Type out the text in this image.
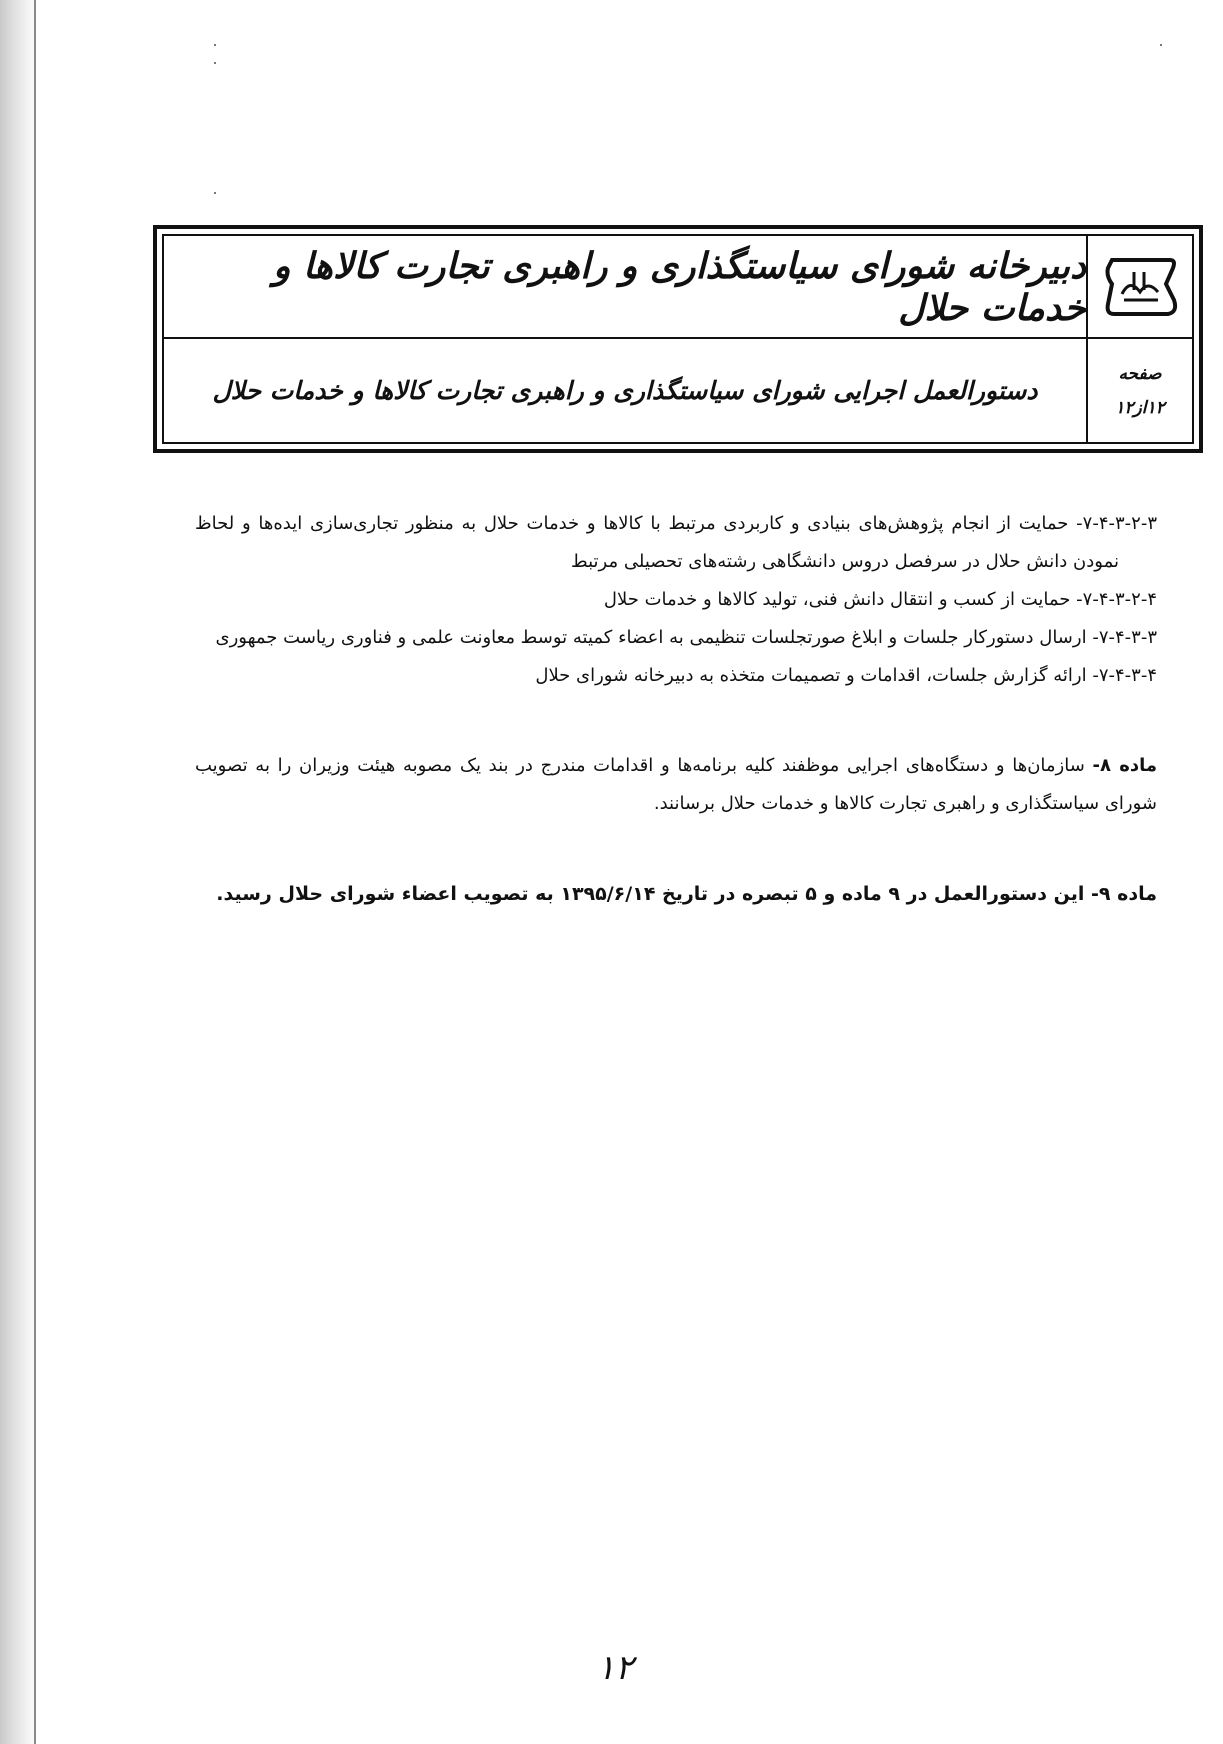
دبیرخانه شورای سیاستگذاری و راهبری تجارت کالاها و خدمات حلال
دستورالعمل اجرایی شورای سیاستگذاری و راهبری تجارت کالاها و خدمات حلال
صفحه
۱۲از۱۲

۷-۴-۳-۲-۳- حمایت از انجام پژوهش‌های بنیادی و کاربردی مرتبط با کالاها و خدمات حلال به منظور تجاری‌سازی ایده‌ها و لحاظ نمودن دانش حلال در سرفصل دروس دانشگاهی رشته‌های تحصیلی مرتبط

۷-۴-۳-۲-۴- حمایت از کسب و انتقال دانش فنی، تولید کالاها و خدمات حلال

۷-۴-۳-۳- ارسال دستورکار جلسات و ابلاغ صورتجلسات تنظیمی به اعضاء کمیته توسط معاونت علمی و فناوری ریاست جمهوری

۷-۴-۳-۴- ارائه گزارش جلسات، اقدامات و تصمیمات متخذه به دبیرخانه شورای حلال

ماده ۸- سازمان‌ها و دستگاه‌های اجرایی موظفند کلیه برنامه‌ها و اقدامات مندرج در بند یک مصوبه هیئت وزیران را به تصویب شورای سیاستگذاری و راهبری تجارت کالاها و خدمات حلال برسانند.

ماده ۹- این دستورالعمل در ۹ ماده و ۵ تبصره در تاریخ ۱۳۹۵/۶/۱۴ به تصویب اعضاء شورای حلال رسید.

۱۲
